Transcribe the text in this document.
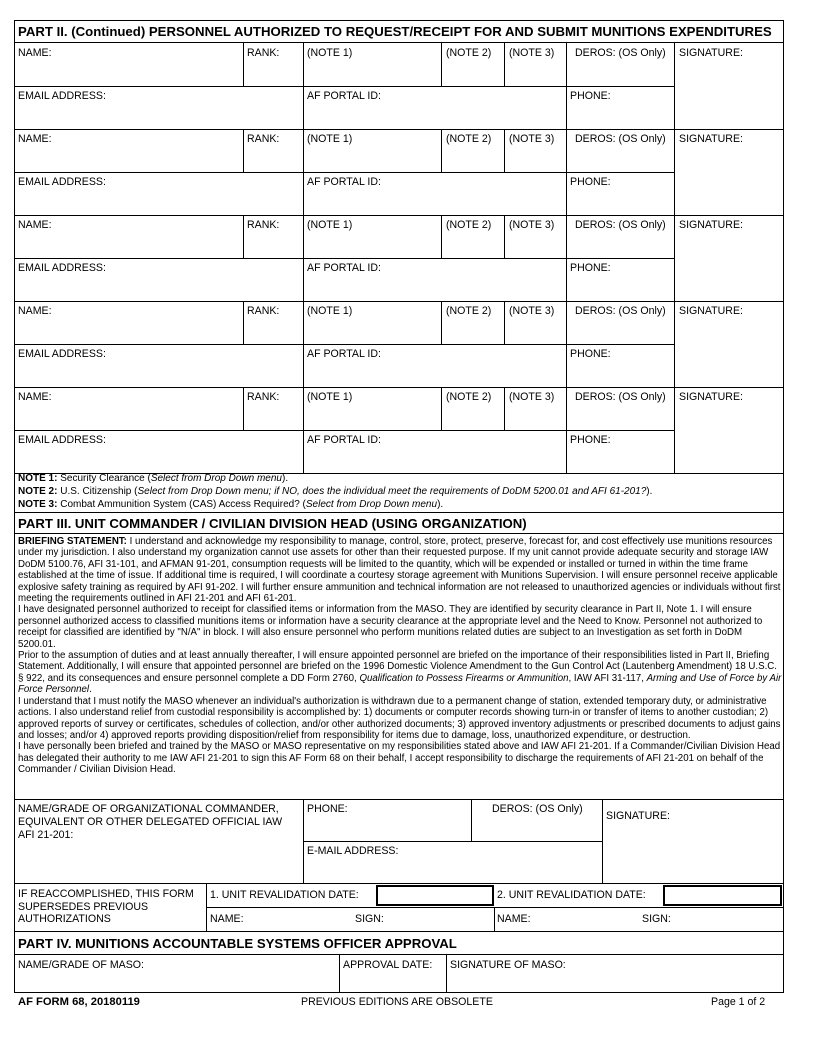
PART II. (Continued) PERSONNEL AUTHORIZED TO REQUEST/RECEIPT FOR AND SUBMIT MUNITIONS EXPENDITURES
NAME:	RANK:	(NOTE 1)	(NOTE 2) (NOTE 3) DEROS: (OS Only) SIGNATURE:
EMAIL ADDRESS:	AF PORTAL ID:	PHONE:
NAME:	RANK:	(NOTE 1)	(NOTE 2) (NOTE 3) DEROS: (OS Only) SIGNATURE:
EMAIL ADDRESS:	AF PORTAL ID:	PHONE:
NAME:	RANK:	(NOTE 1)	(NOTE 2) (NOTE 3) DEROS: (OS Only) SIGNATURE:
EMAIL ADDRESS:	AF PORTAL ID:	PHONE:
NAME:	RANK:	(NOTE 1)	(NOTE 2) (NOTE 3) DEROS: (OS Only) SIGNATURE:
EMAIL ADDRESS:	AF PORTAL ID:	PHONE:
NAME:	RANK:	(NOTE 1)	(NOTE 2) (NOTE 3) DEROS: (OS Only) SIGNATURE:
EMAIL ADDRESS:	AF PORTAL ID:	PHONE:
NOTE 1: Security Clearance (Select from Drop Down menu).
NOTE 2: U.S. Citizenship (Select from Drop Down menu; if NO, does the individual meet the requirements of DoDM 5200.01 and AFI 61-201?).
NOTE 3: Combat Ammunition System (CAS) Access Required? (Select from Drop Down menu).
PART III. UNIT COMMANDER / CIVILIAN DIVISION HEAD (USING ORGANIZATION)

BRIEFING STATEMENT: I understand and acknowledge my responsibility to manage, control, store, protect, preserve, forecast for, and cost effectively use munitions resources under my jurisdiction. I also understand my organization cannot use assets for other than their requested purpose. If my unit cannot provide adequate security and storage IAW DoDM 5100.76, AFI 31-101, and AFMAN 91-201, consumption requests will be limited to the quantity, which will be expended or installed or turned in within the time frame established at the time of issue. If additional time is required, I will coordinate a courtesy storage agreement with Munitions Supervision. I will ensure personnel receive applicable explosive safety training as required by AFI 91-202. I will further ensure ammunition and technical information are not released to unauthorized agencies or individuals without first meeting the requirements outlined in AFI 21-201 and AFI 61-201.

I have designated personnel authorized to receipt for classified items or information from the MASO. They are identified by security clearance in Part II, Note 1. I will ensure personnel authorized access to classified munitions items or information have a security clearance at the appropriate level and the Need to Know. Personnel not authorized to receipt for classified are identified by "N/A" in block. I will also ensure personnel who perform munitions related duties are subject to an Investigation as set forth in DoDM 5200.01.

Prior to the assumption of duties and at least annually thereafter, I will ensure appointed personnel are briefed on the importance of their responsibilities listed in Part II, Briefing Statement. Additionally, I will ensure that appointed personnel are briefed on the 1996 Domestic Violence Amendment to the Gun Control Act (Lautenberg Amendment) 18 U.S.C. § 922, and its consequences and ensure personnel complete a DD Form 2760, Qualification to Possess Firearms or Ammunition, IAW AFI 31-117, Arming and Use of Force by Air Force Personnel.

I understand that I must notify the MASO whenever an individual's authorization is withdrawn due to a permanent change of station, extended temporary duty, or administrative actions. I also understand relief from custodial responsibility is accomplished by: 1) documents or computer records showing turn-in or transfer of items to another custodian; 2) approved reports of survey or certificates, schedules of collection, and/or other authorized documents; 3) approved inventory adjustments or prescribed documents to adjust gains and losses; and/or 4) approved reports providing disposition/relief from responsibility for items due to damage, loss, unauthorized expenditure, or destruction.

I have personally been briefed and trained by the MASO or MASO representative on my responsibilities stated above and IAW AFI 21-201. If a Commander/Civilian Division Head has delegated their authority to me IAW AFI 21-201 to sign this AF Form 68 on their behalf, I accept responsibility to discharge the requirements of AFI 21-201 on behalf of the Commander / Civilian Division Head.

NAME/GRADE OF ORGANIZATIONAL COMMANDER,
EQUIVALENT OR OTHER DELEGATED OFFICIAL IAW
AFI 21-201:
PHONE:	DEROS: (OS Only)
SIGNATURE:
E-MAIL ADDRESS:
IF REACCOMPLISHED, THIS FORM
SUPERSEDES PREVIOUS
AUTHORIZATIONS
1. UNIT REVALIDATION DATE:	2. UNIT REVALIDATION DATE:
NAME:	SIGN:	NAME:	SIGN:
PART IV. MUNITIONS ACCOUNTABLE SYSTEMS OFFICER APPROVAL
NAME/GRADE OF MASO:	APPROVAL DATE: SIGNATURE OF MASO:
AF FORM 68, 20180119	PREVIOUS EDITIONS ARE OBSOLETE	Page 1 of 2
